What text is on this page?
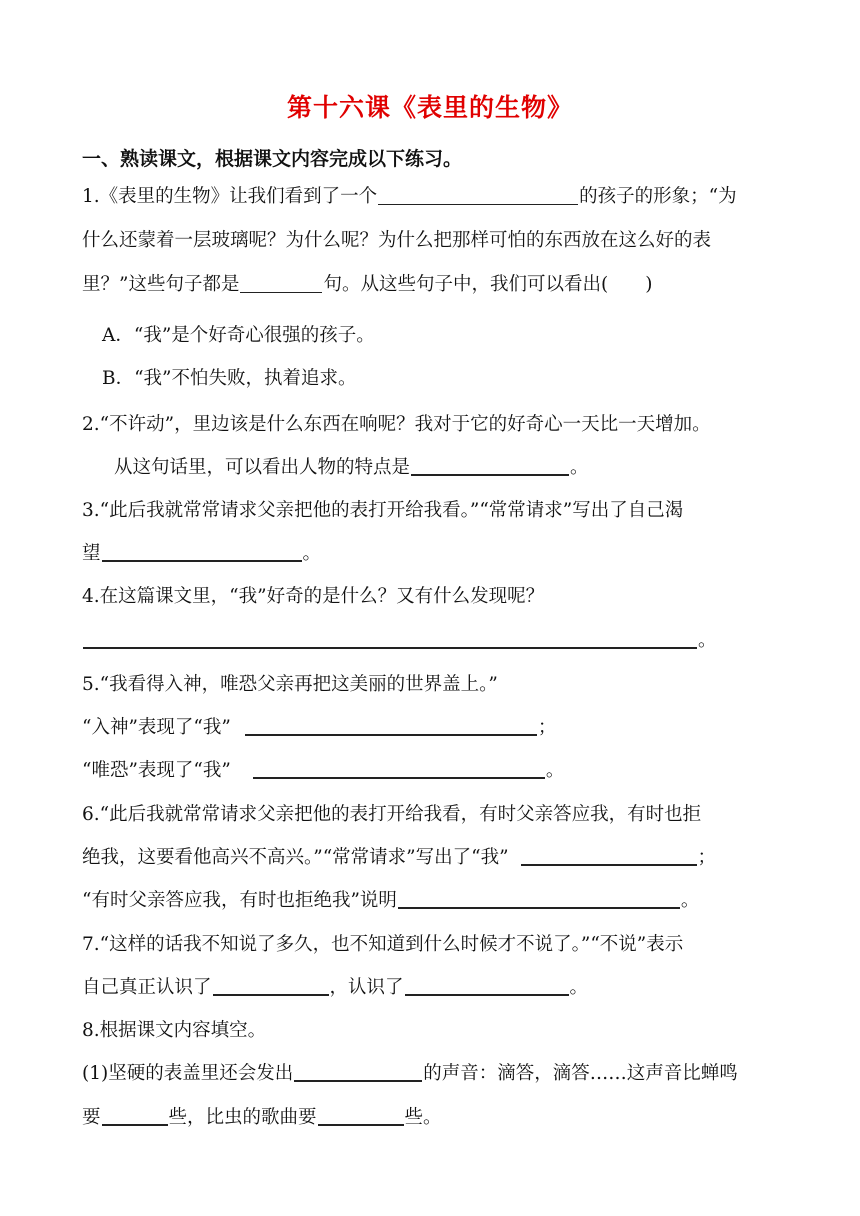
第十六课《表里的生物》
一、熟读课文，根据课文内容完成以下练习。
1.《表里的生物》让我们看到了一个	的孩子的形象；“为
什么还蒙着一层玻璃呢？为什么呢？为什么把那样可怕的东西放在这么好的表
里？”这些句子都是	句。从这些句子中，我们可以看出(　　)
A．“我”是个好奇心很强的孩子。
B．“我”不怕失败，执着追求。
2.“不许动”，里边该是什么东西在响呢？我对于它的好奇心一天比一天增加。
从这句话里，可以看出人物的特点是	。
3.“此后我就常常请求父亲把他的表打开给我看。”“常常请求”写出了自己渴
望	。
4.在这篇课文里，“我”好奇的是什么？又有什么发现呢？
。
5.“我看得入神，唯恐父亲再把这美丽的世界盖上。”
“入神”表现了“我”	；
“唯恐”表现了“我”	。
6.“此后我就常常请求父亲把他的表打开给我看，有时父亲答应我，有时也拒
绝我，这要看他高兴不高兴。”“常常请求”写出了“我”	；
“有时父亲答应我，有时也拒绝我”说明	。
7.“这样的话我不知说了多久，也不知道到什么时候才不说了。”“不说”表示
自己真正认识了	，认识了	。
8.根据课文内容填空。
(1)坚硬的表盖里还会发出	的声音：滴答，滴答……这声音比蝉鸣
要	些，比虫的歌曲要	些。
